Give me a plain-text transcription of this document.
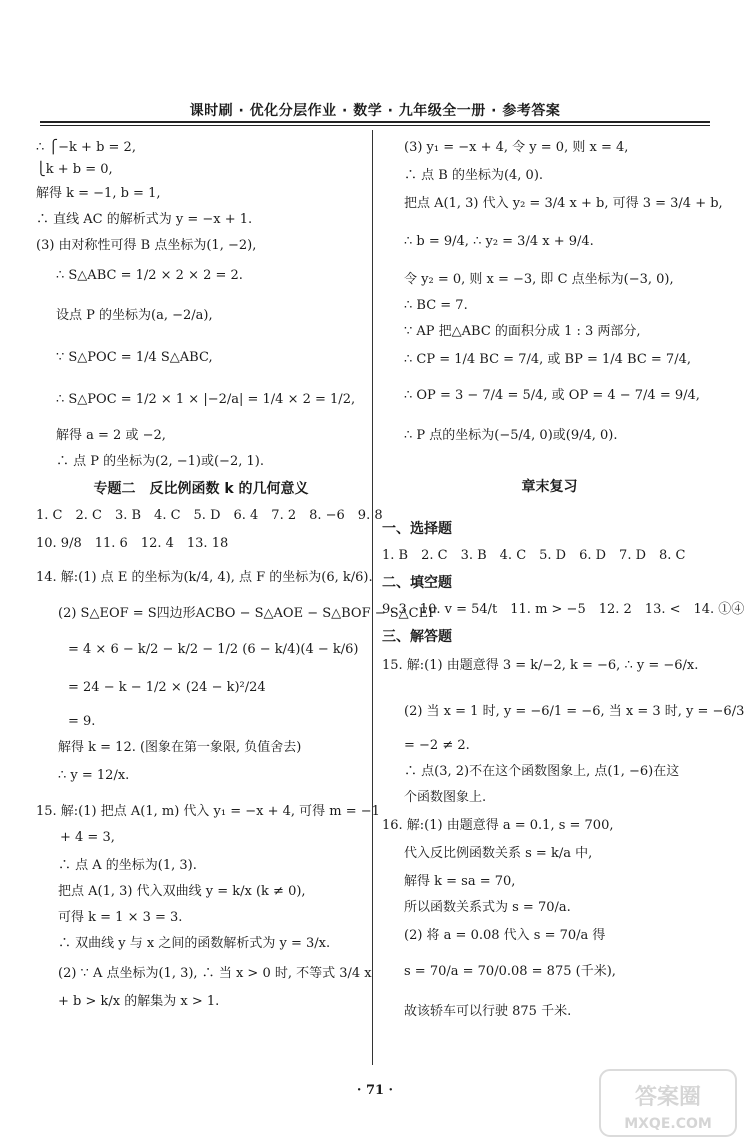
课时刷 · 优化分层作业 · 数学 · 九年级全一册 · 参考答案
∴ ⎧−k + b = 2,
⎩k + b = 0,
解得 k = −1, b = 1,
∴ 直线 AC 的解析式为 y = −x + 1.
(3) 由对称性可得 B 点坐标为(1, −2),
∴ S△ABC = 1/2 × 2 × 2 = 2.
设点 P 的坐标为(a, −2/a),
∵ S△POC = 1/4 S△ABC,
∴ S△POC = 1/2 × 1 × |−2/a| = 1/4 × 2 = 1/2,
解得 a = 2 或 −2,
∴ 点 P 的坐标为(2, −1)或(−2, 1).
专题二　反比例函数 k 的几何意义
1. C　2. C　3. B　4. C　5. D　6. 4　7. 2　8. −6　9. 8
10. 9/8　11. 6　12. 4　13. 18
14. 解:(1) 点 E 的坐标为(k/4, 4), 点 F 的坐标为(6, k/6).
(2) S△EOF = S四边形ACBO − S△AOE − S△BOF − S△CEF
= 4 × 6 − k/2 − k/2 − 1/2 (6 − k/4)(4 − k/6)
= 24 − k − 1/2 × (24 − k)²/24
= 9.
解得 k = 12. (图象在第一象限, 负值舍去)
∴ y = 12/x.
15. 解:(1) 把点 A(1, m) 代入 y₁ = −x + 4, 可得 m = −1
+ 4 = 3,
∴ 点 A 的坐标为(1, 3).
把点 A(1, 3) 代入双曲线 y = k/x (k ≠ 0),
可得 k = 1 × 3 = 3.
∴ 双曲线 y 与 x 之间的函数解析式为 y = 3/x.
(2) ∵ A 点坐标为(1, 3), ∴ 当 x > 0 时, 不等式 3/4 x
+ b > k/x 的解集为 x > 1.
(3) y₁ = −x + 4, 令 y = 0, 则 x = 4,
∴ 点 B 的坐标为(4, 0).
把点 A(1, 3) 代入 y₂ = 3/4 x + b, 可得 3 = 3/4 + b,
∴ b = 9/4, ∴ y₂ = 3/4 x + 9/4.
令 y₂ = 0, 则 x = −3, 即 C 点坐标为(−3, 0),
∴ BC = 7.
∵ AP 把△ABC 的面积分成 1 : 3 两部分,
∴ CP = 1/4 BC = 7/4, 或 BP = 1/4 BC = 7/4,
∴ OP = 3 − 7/4 = 5/4, 或 OP = 4 − 7/4 = 9/4,
∴ P 点的坐标为(−5/4, 0)或(9/4, 0).
章末复习
一、选择题
1. B　2. C　3. B　4. C　5. D　6. D　7. D　8. C
二、填空题
9. 3　10. v = 54/t　11. m > −5　12. 2　13. <　14. ①④
三、解答题
15. 解:(1) 由题意得 3 = k/−2, k = −6, ∴ y = −6/x.
(2) 当 x = 1 时, y = −6/1 = −6, 当 x = 3 时, y = −6/3
= −2 ≠ 2.
∴ 点(3, 2)不在这个函数图象上, 点(1, −6)在这
个函数图象上.
16. 解:(1) 由题意得 a = 0.1, s = 700,
代入反比例函数关系 s = k/a 中,
解得 k = sa = 70,
所以函数关系式为 s = 70/a.
(2) 将 a = 0.08 代入 s = 70/a 得
s = 70/a = 70/0.08 = 875 (千米),
故该轿车可以行驶 875 千米.
· 71 ·	答案圈
MXQE.COM
